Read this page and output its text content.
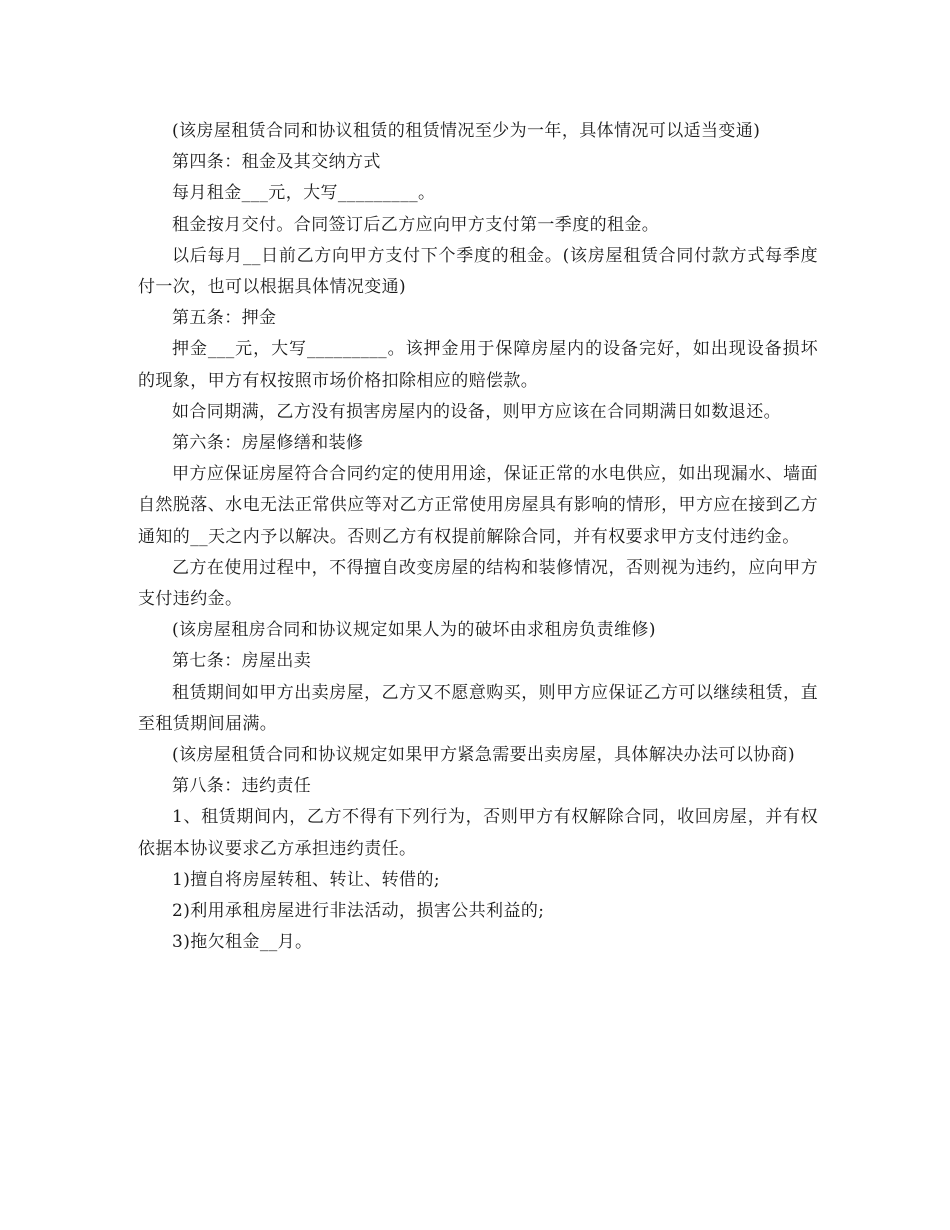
(该房屋租赁合同和协议租赁的租赁情况至少为一年，具体情况可以适当变通)

第四条：租金及其交纳方式

每月租金___元，大写_________。

租金按月交付。合同签订后乙方应向甲方支付第一季度的租金。

以后每月__日前乙方向甲方支付下个季度的租金。(该房屋租赁合同付款方式每季度付一次，也可以根据具体情况变通)

第五条：押金

押金___元，大写_________。该押金用于保障房屋内的设备完好，如出现设备损坏的现象，甲方有权按照市场价格扣除相应的赔偿款。

如合同期满，乙方没有损害房屋内的设备，则甲方应该在合同期满日如数退还。

第六条：房屋修缮和装修

甲方应保证房屋符合合同约定的使用用途，保证正常的水电供应，如出现漏水、墙面自然脱落、水电无法正常供应等对乙方正常使用房屋具有影响的情形，甲方应在接到乙方通知的__天之内予以解决。否则乙方有权提前解除合同，并有权要求甲方支付违约金。

乙方在使用过程中，不得擅自改变房屋的结构和装修情况，否则视为违约，应向甲方支付违约金。

(该房屋租房合同和协议规定如果人为的破坏由求租房负责维修)

第七条：房屋出卖

租赁期间如甲方出卖房屋，乙方又不愿意购买，则甲方应保证乙方可以继续租赁，直至租赁期间届满。

(该房屋租赁合同和协议规定如果甲方紧急需要出卖房屋，具体解决办法可以协商)

第八条：违约责任

1、租赁期间内，乙方不得有下列行为，否则甲方有权解除合同，收回房屋，并有权依据本协议要求乙方承担违约责任。

1)擅自将房屋转租、转让、转借的;

2)利用承租房屋进行非法活动，损害公共利益的;

3)拖欠租金__月。
